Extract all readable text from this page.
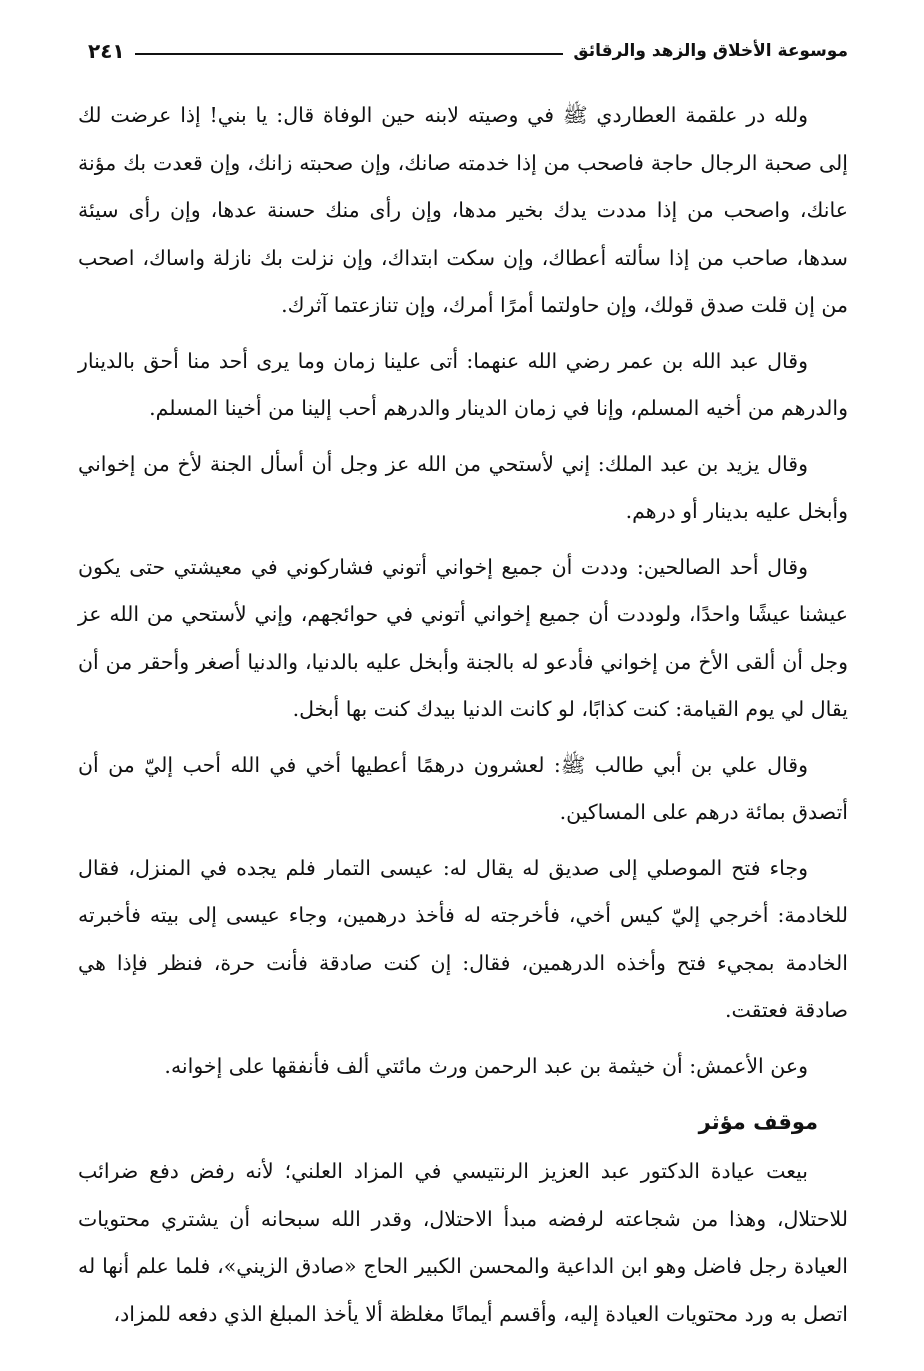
موسوعة الأخلاق والزهد والرقائق
٢٤١

ولله در علقمة العطاردي ﷺ في وصيته لابنه حين الوفاة قال: يا بني! إذا عرضت لك إلى صحبة الرجال حاجة فاصحب من إذا خدمته صانك، وإن صحبته زانك، وإن قعدت بك مؤنة عانك، واصحب من إذا مددت يدك بخير مدها، وإن رأى منك حسنة عدها، وإن رأى سيئة سدها، صاحب من إذا سألته أعطاك، وإن سكت ابتداك، وإن نزلت بك نازلة واساك، اصحب من إن قلت صدق قولك، وإن حاولتما أمرًا أمرك، وإن تنازعتما آثرك.

وقال عبد الله بن عمر رضي الله عنهما: أتى علينا زمان وما يرى أحد منا أحق بالدينار والدرهم من أخيه المسلم، وإنا في زمان الدينار والدرهم أحب إلينا من أخينا المسلم.

وقال يزيد بن عبد الملك: إني لأستحي من الله عز وجل أن أسأل الجنة لأخ من إخواني وأبخل عليه بدينار أو درهم.

وقال أحد الصالحين: وددت أن جميع إخواني أتوني فشاركوني في معيشتي حتى يكون عيشنا عيشًا واحدًا، ولوددت أن جميع إخواني أتوني في حوائجهم، وإني لأستحي من الله عز وجل أن ألقى الأخ من إخواني فأدعو له بالجنة وأبخل عليه بالدنيا، والدنيا أصغر وأحقر من أن يقال لي يوم القيامة: كنت كذابًا، لو كانت الدنيا بيدك كنت بها أبخل.

وقال علي بن أبي طالب ﷺ: لعشرون درهمًا أعطيها أخي في الله أحب إليّ من أن أتصدق بمائة درهم على المساكين.

وجاء فتح الموصلي إلى صديق له يقال له: عيسى التمار فلم يجده في المنزل، فقال للخادمة: أخرجي إليّ كيس أخي، فأخرجته له فأخذ درهمين، وجاء عيسى إلى بيته فأخبرته الخادمة بمجيء فتح وأخذه الدرهمين، فقال: إن كنت صادقة فأنت حرة، فنظر فإذا هي صادقة فعتقت.

وعن الأعمش: أن خيثمة بن عبد الرحمن ورث مائتي ألف فأنفقها على إخوانه.

موقف مؤثر

بيعت عيادة الدكتور عبد العزيز الرنتيسي في المزاد العلني؛ لأنه رفض دفع ضرائب للاحتلال، وهذا من شجاعته لرفضه مبدأ الاحتلال، وقدر الله سبحانه أن يشتري محتويات العيادة رجل فاضل وهو ابن الداعية والمحسن الكبير الحاج «صادق الزيني»، فلما علم أنها له اتصل به ورد محتويات العيادة إليه، وأقسم أيمانًا مغلظة ألا يأخذ المبلغ الذي دفعه للمزاد،
